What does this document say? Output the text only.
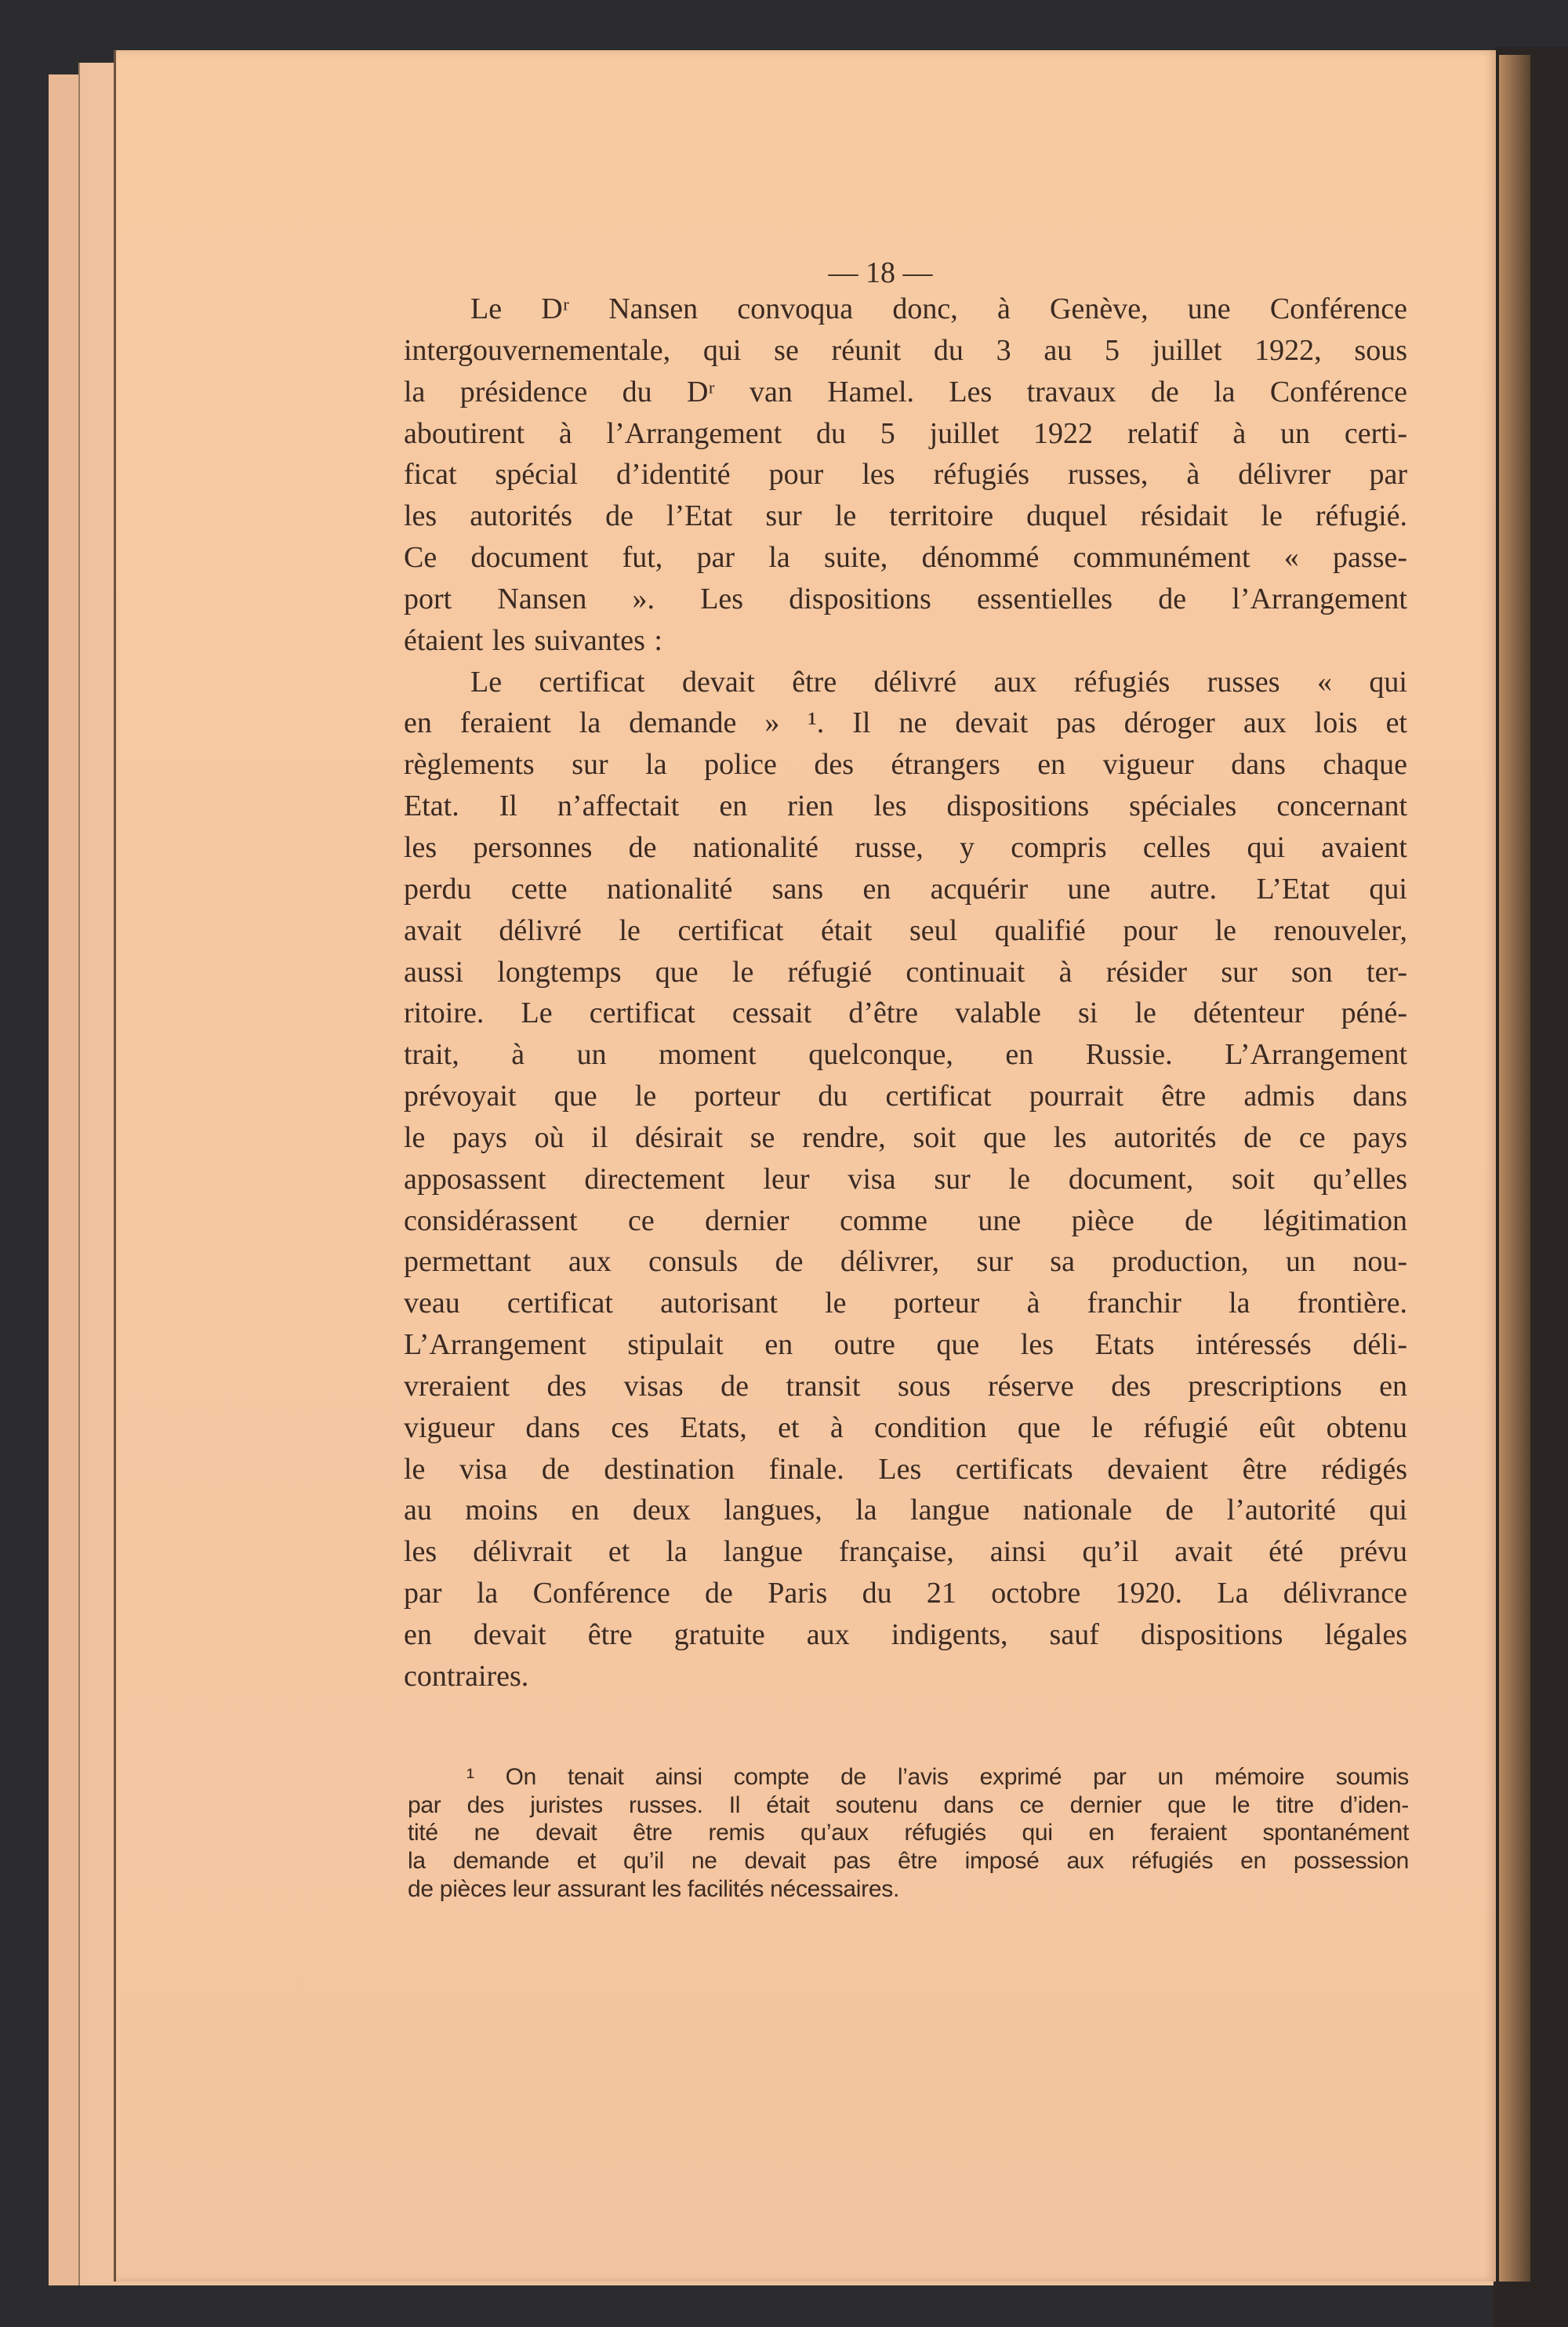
— 18 —
Le Dʳ Nansen convoqua donc, à Genève, une Conférence
intergouvernementale, qui se réunit du 3 au 5 juillet 1922, sous
la présidence du Dʳ van Hamel. Les travaux de la Conférence
aboutirent à l’Arrangement du 5 juillet 1922 relatif à un certi-
ficat spécial d’identité pour les réfugiés russes, à délivrer par
les autorités de l’Etat sur le territoire duquel résidait le réfugié.
Ce document fut, par la suite, dénommé communément « passe-
port Nansen ». Les dispositions essentielles de l’Arrangement
étaient les suivantes :
Le certificat devait être délivré aux réfugiés russes « qui
en feraient la demande » ¹. Il ne devait pas déroger aux lois et
règlements sur la police des étrangers en vigueur dans chaque
Etat. Il n’affectait en rien les dispositions spéciales concernant
les personnes de nationalité russe, y compris celles qui avaient
perdu cette nationalité sans en acquérir une autre. L’Etat qui
avait délivré le certificat était seul qualifié pour le renouveler,
aussi longtemps que le réfugié continuait à résider sur son ter-
ritoire. Le certificat cessait d’être valable si le détenteur péné-
trait, à un moment quelconque, en Russie. L’Arrangement
prévoyait que le porteur du certificat pourrait être admis dans
le pays où il désirait se rendre, soit que les autorités de ce pays
apposassent directement leur visa sur le document, soit qu’elles
considérassent ce dernier comme une pièce de légitimation
permettant aux consuls de délivrer, sur sa production, un nou-
veau certificat autorisant le porteur à franchir la frontière.
L’Arrangement stipulait en outre que les Etats intéressés déli-
vreraient des visas de transit sous réserve des prescriptions en
vigueur dans ces Etats, et à condition que le réfugié eût obtenu
le visa de destination finale. Les certificats devaient être rédigés
au moins en deux langues, la langue nationale de l’autorité qui
les délivrait et la langue française, ainsi qu’il avait été prévu
par la Conférence de Paris du 21 octobre 1920. La délivrance
en devait être gratuite aux indigents, sauf dispositions légales
contraires.
¹ On tenait ainsi compte de l’avis exprimé par un mémoire soumis
par des juristes russes. Il était soutenu dans ce dernier que le titre d’iden-
tité ne devait être remis qu’aux réfugiés qui en feraient spontanément
la demande et qu’il ne devait pas être imposé aux réfugiés en possession
de pièces leur assurant les facilités nécessaires.
